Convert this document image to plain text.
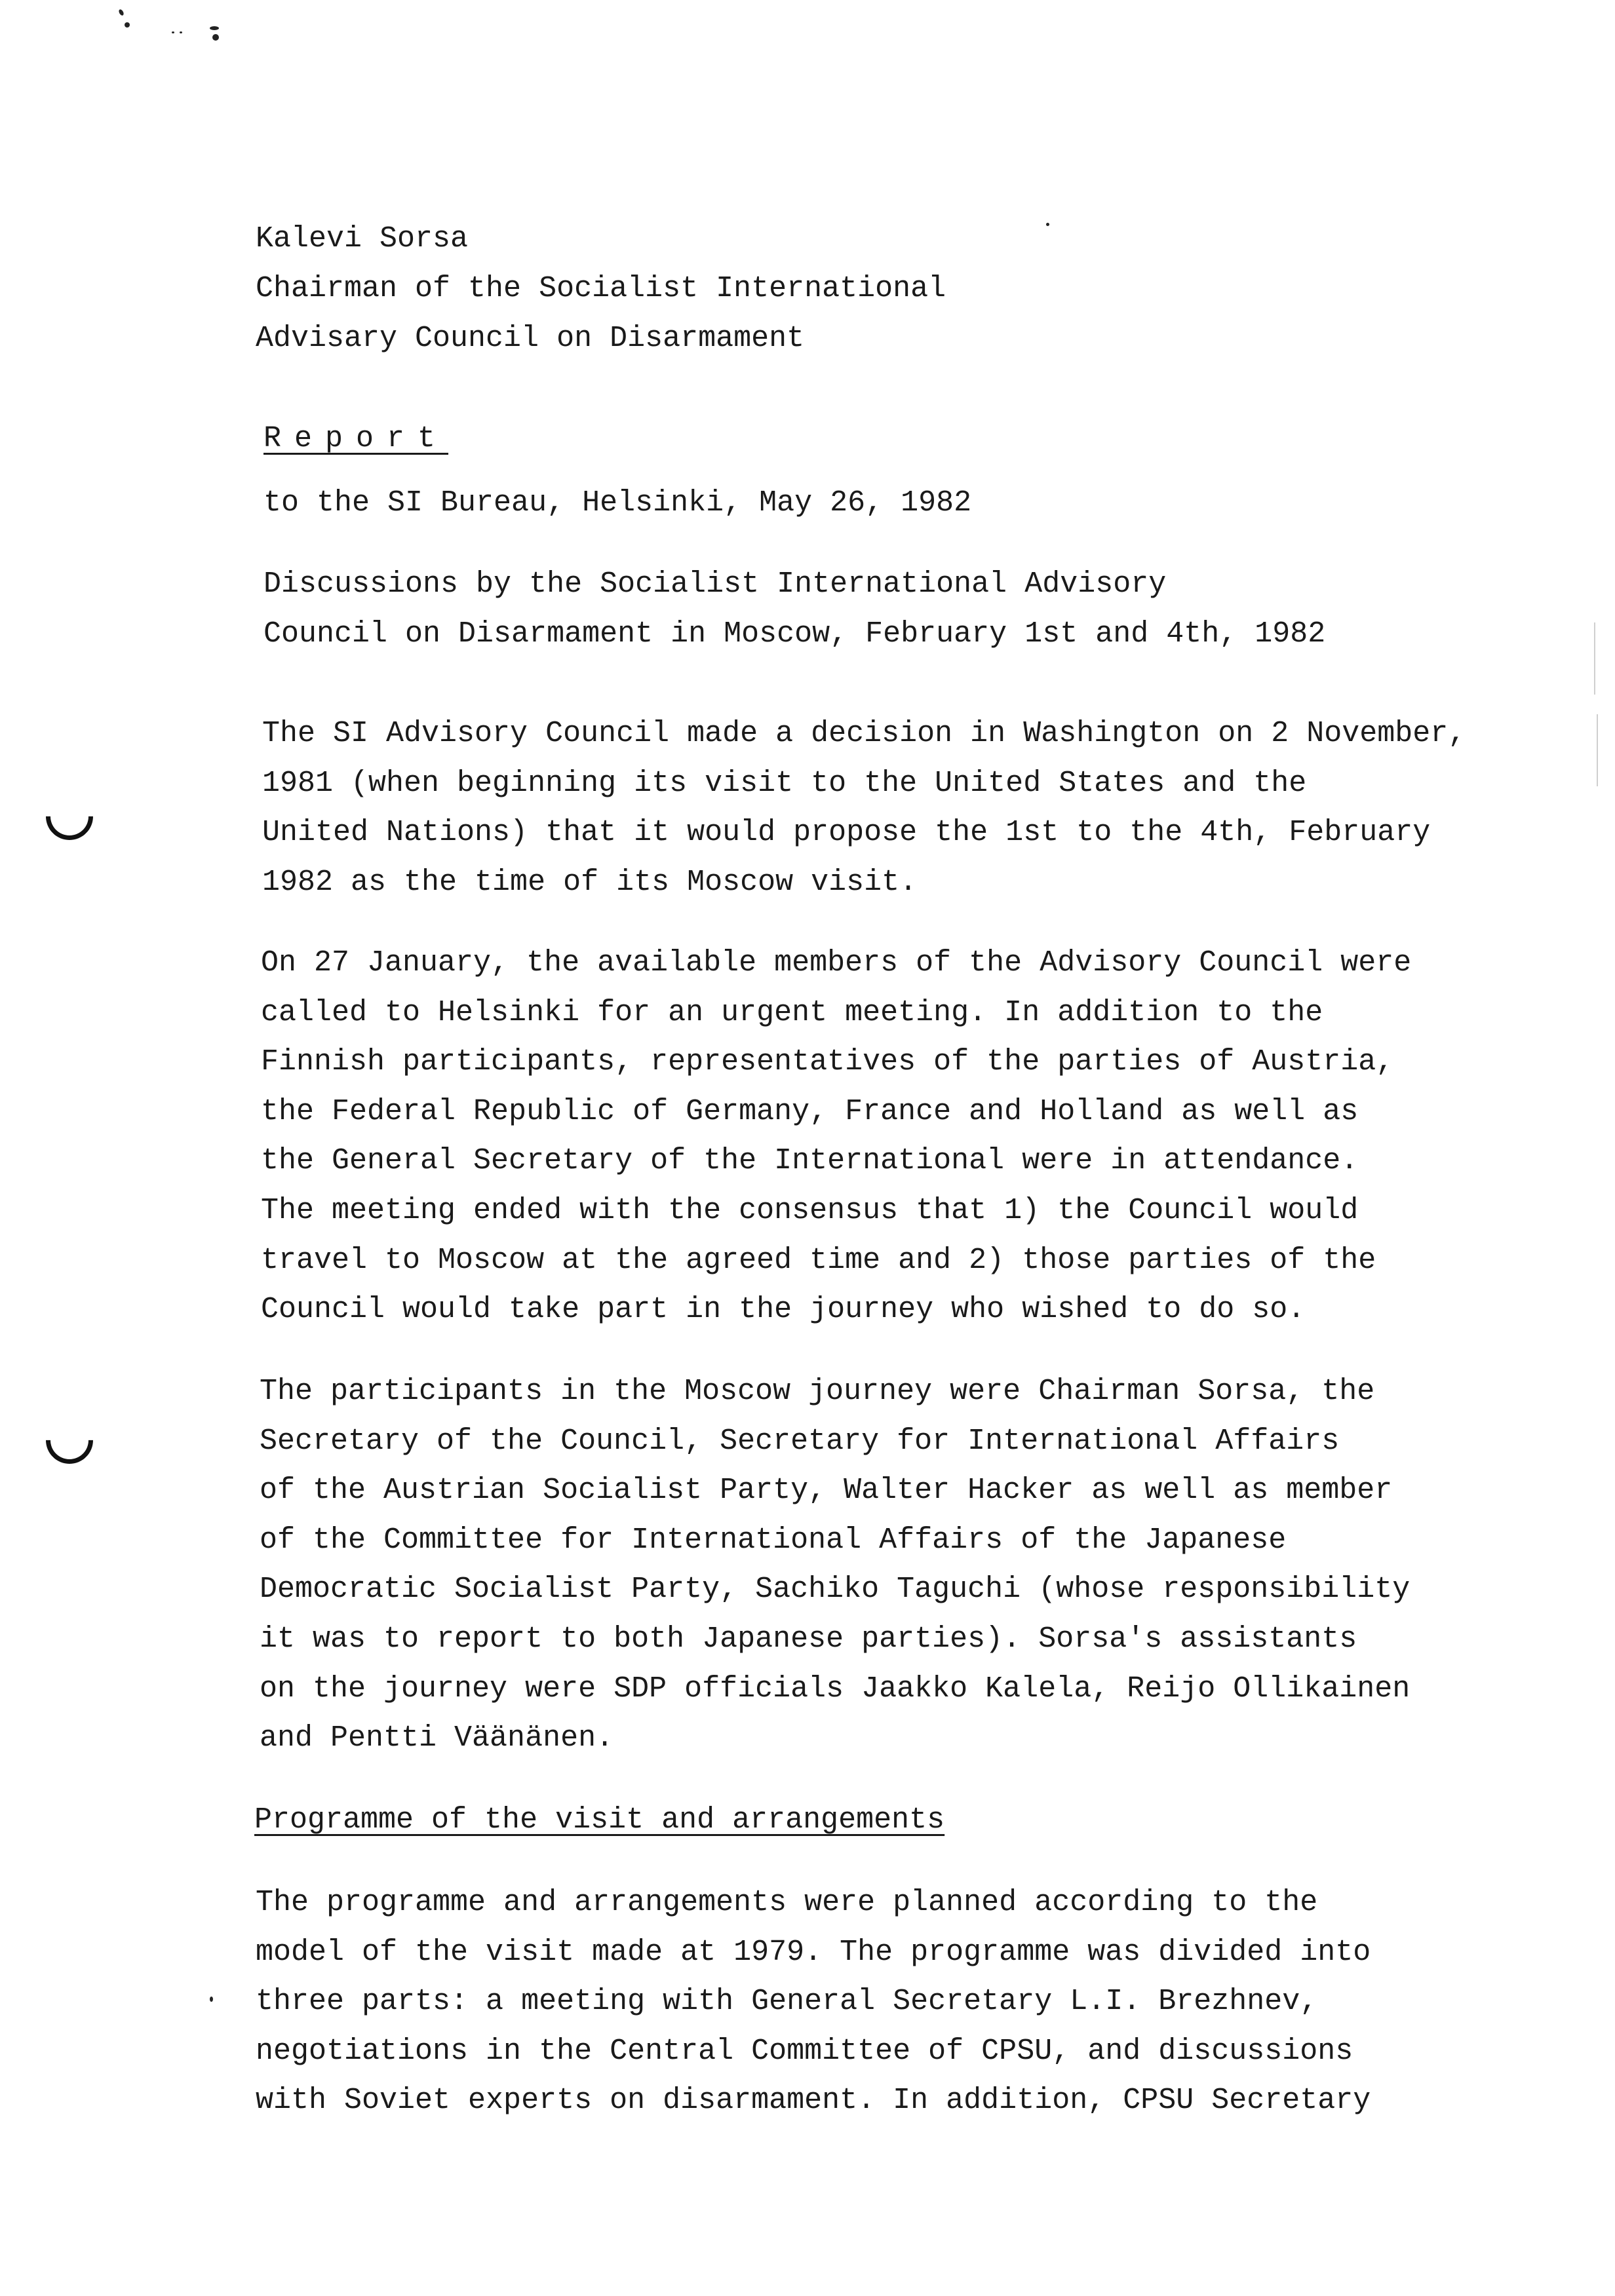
Kalevi Sorsa
Chairman of the Socialist International
Advisary Council on Disarmament
Report
to the SI Bureau, Helsinki, May 26, 1982
Discussions by the Socialist International Advisory
Council on Disarmament in Moscow, February 1st and 4th, 1982
The SI Advisory Council made a decision in Washington on 2 November,
1981 (when beginning its visit to the United States and the
United Nations) that it would propose the 1st to the 4th, February
1982 as the time of its Moscow visit.
On 27 January, the available members of the Advisory Council were
called to Helsinki for an urgent meeting. In addition to the
Finnish participants, representatives of the parties of Austria,
the Federal Republic of Germany, France and Holland as well as
the General Secretary of the International were in attendance.
The meeting ended with the consensus that 1) the Council would
travel to Moscow at the agreed time and 2) those parties of the
Council would take part in the journey who wished to do so.
The participants in the Moscow journey were Chairman Sorsa, the
Secretary of the Council, Secretary for International Affairs
of the Austrian Socialist Party, Walter Hacker as well as member
of the Committee for International Affairs of the Japanese
Democratic Socialist Party, Sachiko Taguchi (whose responsibility
it was to report to both Japanese parties). Sorsa's assistants
on the journey were SDP officials Jaakko Kalela, Reijo Ollikainen
and Pentti Väänänen.
Programme of the visit and arrangements
The programme and arrangements were planned according to the
model of the visit made at 1979. The programme was divided into
three parts: a meeting with General Secretary L.I. Brezhnev,
negotiations in the Central Committee of CPSU, and discussions
with Soviet experts on disarmament. In addition, CPSU Secretary
